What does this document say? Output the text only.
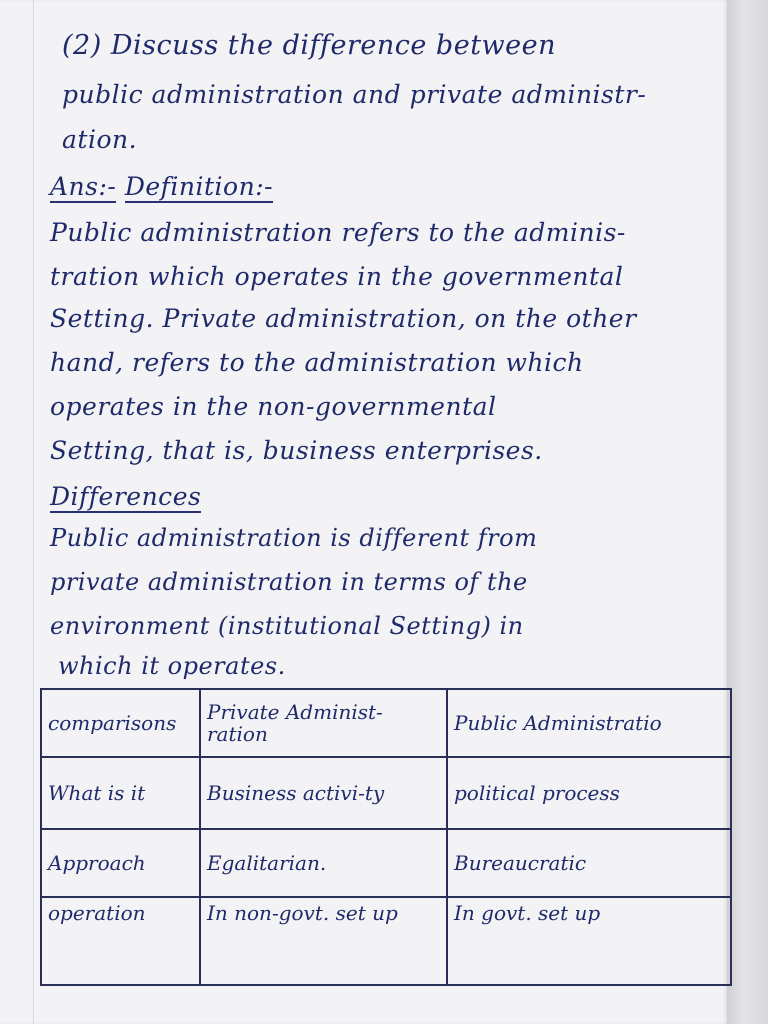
(2) Discuss the difference between
public administration and private administr-
ation.
Ans:- Definition:-
Public administration refers to the adminis-
tration which operates in the governmental
Setting. Private administration, on the other
hand, refers to the administration which
operates in the non-governmental
Setting, that is, business enterprises.
Differences
Public administration is different from
private administration in terms of the
environment (institutional Setting) in
which it operates.
comparisons	Private Administ-ration	Public Administratio
What is it	Business activi-ty	political process
Approach	Egalitarian.	Bureaucratic
operation	In non-govt. set up	In govt. set up
